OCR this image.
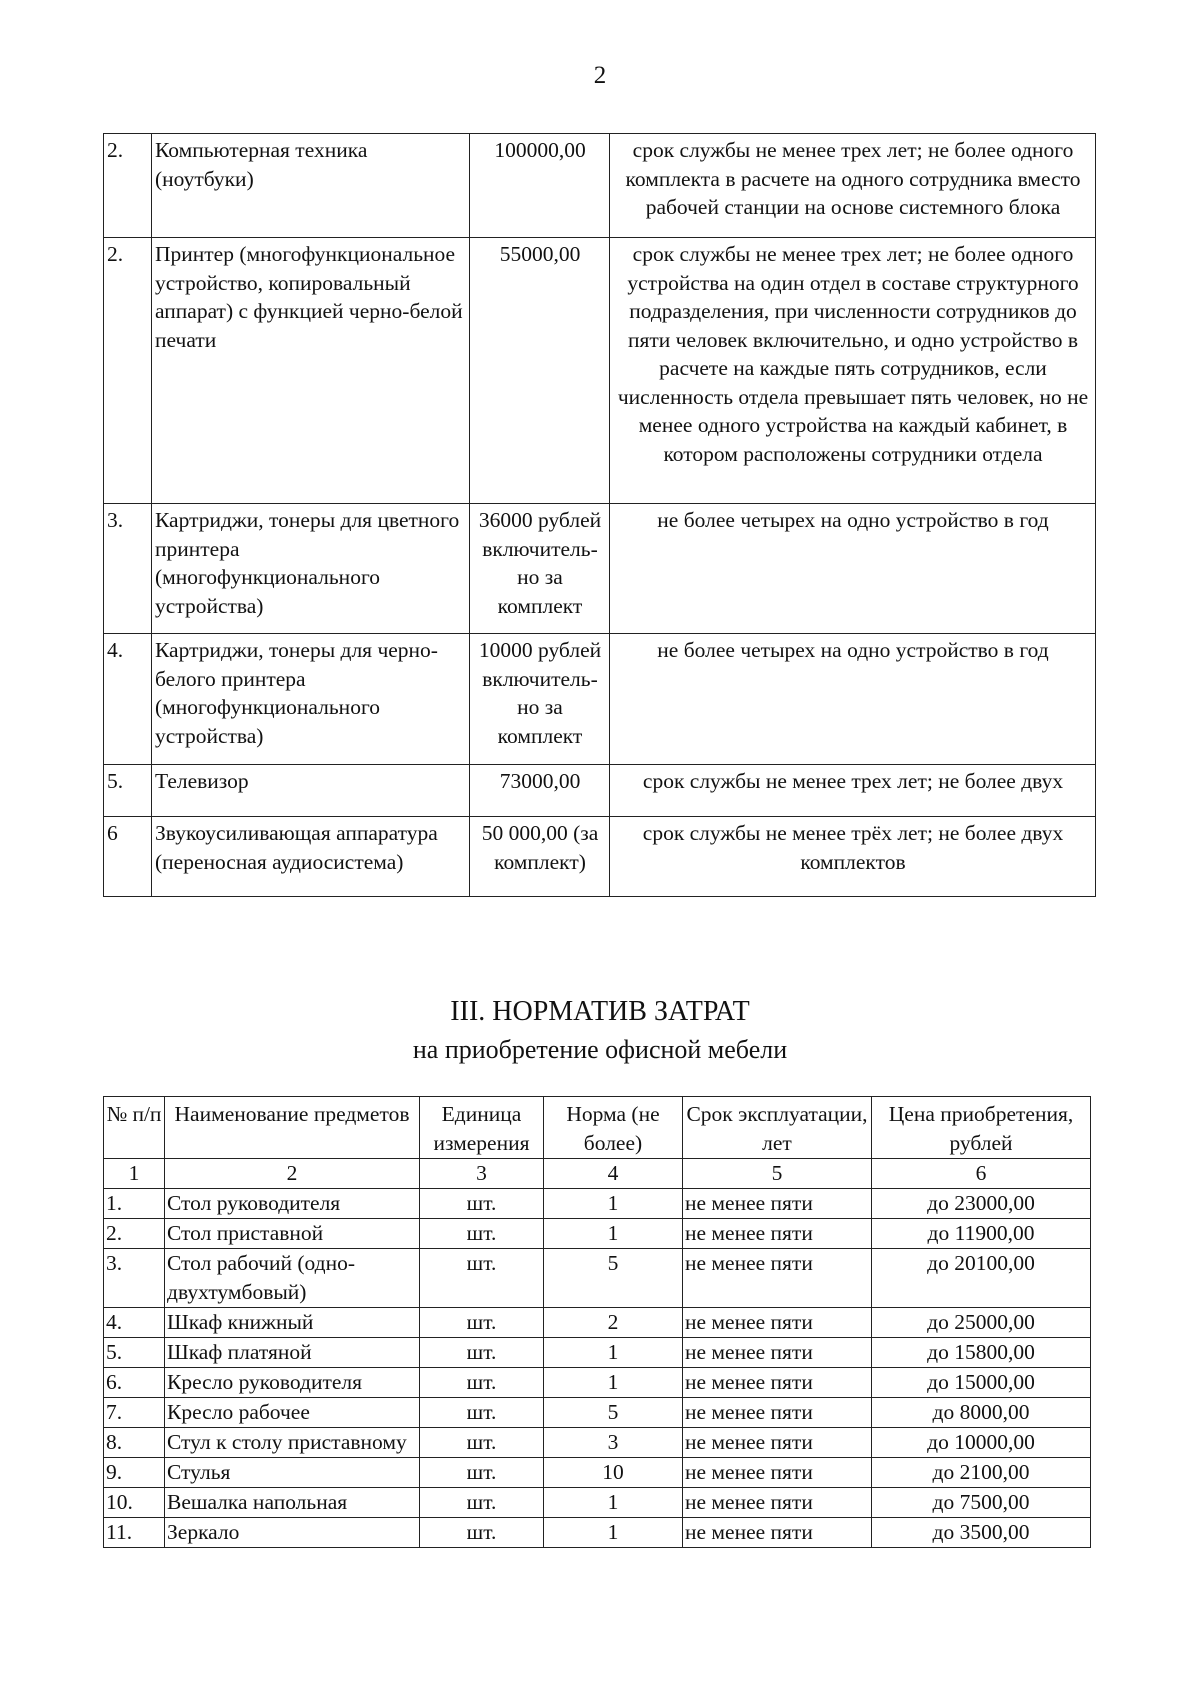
2
2.	Компьютерная техника (ноутбуки)	100000,00	срок службы не менее трех лет; не более одного комплекта в расчете на одного сотрудника вместо рабочей станции на основе системного блока
2.	Принтер (многофункциональное устройство, копировальный аппарат) с функцией черно-белой печати	55000,00	срок службы не менее трех лет; не более одного устройства на один отдел в составе структурного подразделения, при численности сотрудников до пяти человек включительно, и одно устройство в расчете на каждые пять сотрудников, если численность отдела превышает пять человек, но не менее одного устройства на каждый кабинет, в котором расположены сотрудники отдела
3.	Картриджи, тонеры для цветного принтера (многофункционального устройства)	36000 рублей включитель-но за комплект	не более четырех на одно устройство в год
4.	Картриджи, тонеры для черно-белого принтера (многофункционального устройства)	10000 рублей включитель-но за комплект	не более четырех на одно устройство в год
5.	Телевизор	73000,00	срок службы не менее трех лет; не более двух
6	Звукоусиливающая аппаратура (переносная аудиосистема)	50 000,00 (за комплект)	срок службы не менее трёх лет; не более двух комплектов
III. НОРМАТИВ ЗАТРАТ
на приобретение офисной мебели
№ п/п	Наименование предметов	Единица измерения	Норма (не более)	Срок эксплуатации, лет	Цена приобретения, рублей
1	2	3	4	5	6
1.	Стол руководителя	шт.	1	не менее пяти	до 23000,00
2.	Стол приставной	шт.	1	не менее пяти	до 11900,00
3.	Стол рабочий (одно-двухтумбовый)	шт.	5	не менее пяти	до 20100,00
4.	Шкаф книжный	шт.	2	не менее пяти	до 25000,00
5.	Шкаф платяной	шт.	1	не менее пяти	до 15800,00
6.	Кресло руководителя	шт.	1	не менее пяти	до 15000,00
7.	Кресло рабочее	шт.	5	не менее пяти	до 8000,00
8.	Стул к столу приставному	шт.	3	не менее пяти	до 10000,00
9.	Стулья	шт.	10	не менее пяти	до 2100,00
10.	Вешалка напольная	шт.	1	не менее пяти	до 7500,00
11.	Зеркало	шт.	1	не менее пяти	до 3500,00
